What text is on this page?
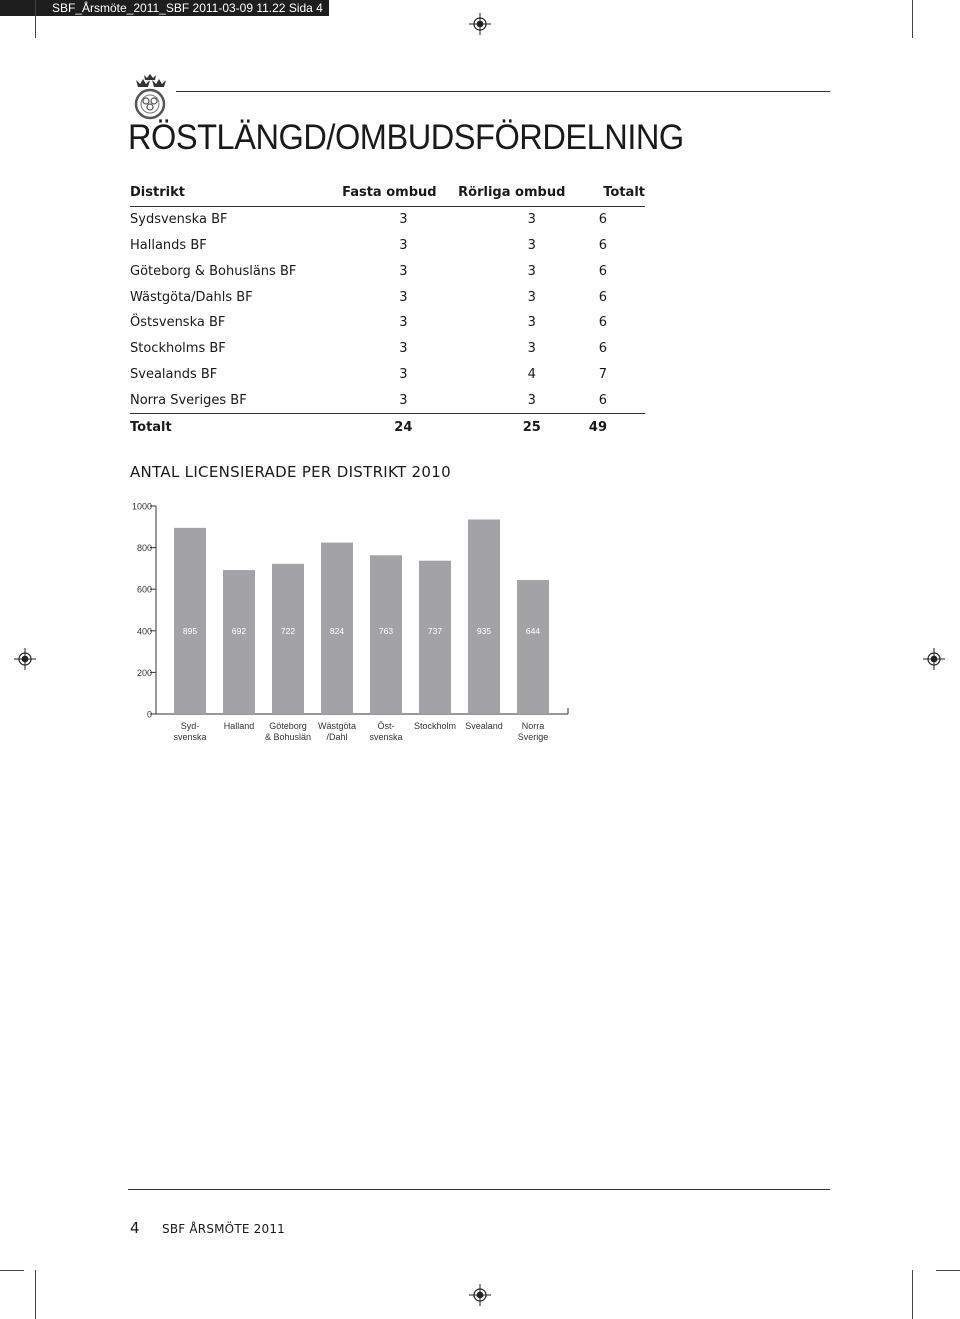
SBF_Årsmöte_2011_SBF 2011-03-09 11.22 Sida 4
RÖSTLÄNGD/OMBUDSFÖRDELNING
Distrikt	Fasta ombud	Rörliga ombud	Totalt
Sydsvenska BF	3	3	6
Hallands BF	3	3	6
Göteborg & Bohusläns BF	3	3	6
Wästgöta/Dahls BF	3	3	6
Östsvenska BF	3	3	6
Stockholms BF	3	3	6
Svealands BF	3	4	7
Norra Sveriges BF	3	3	6
Totalt	24	25	49
ANTAL LICENSIERADE PER DISTRIKT 2010
0
200
400
600
800
1000
895
Syd-
svenska
692
Halland
722
Göteborg
& Bohuslän
824
Wästgöta
/Dahl
763
Öst-
svenska
737
Stockholm
935
Svealand
644
Norra
Sverige
4 SBF ÅRSMÖTE 2011
